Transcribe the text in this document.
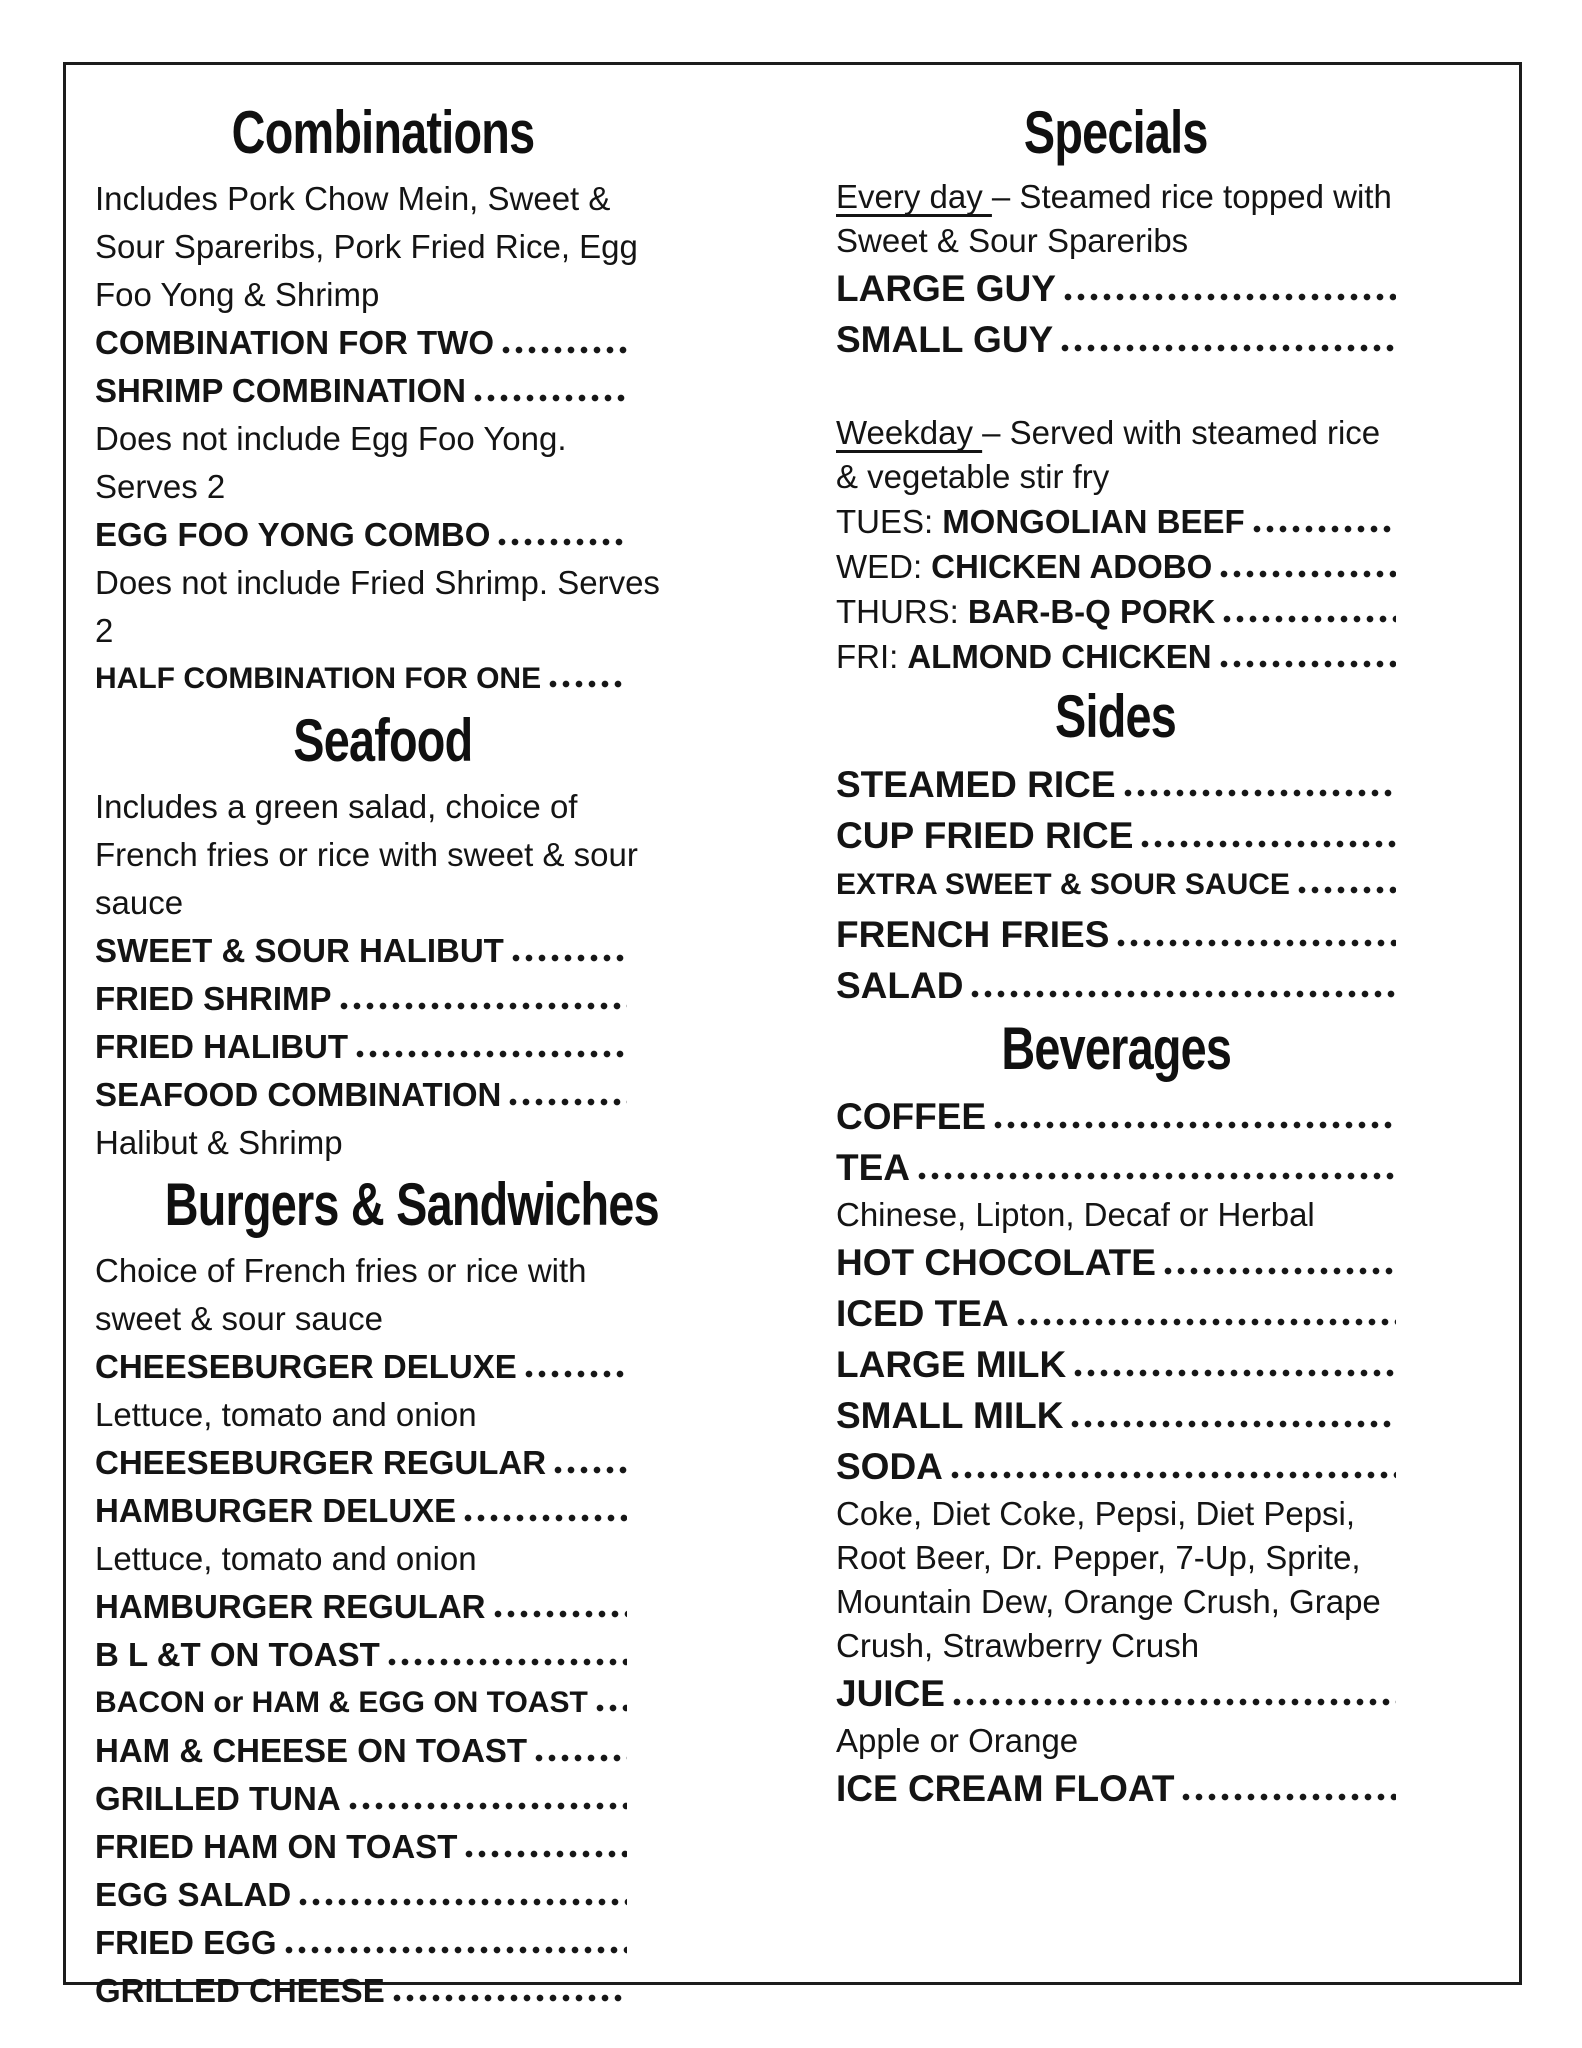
Combinations
Includes Pork Chow Mein, Sweet & Sour Spareribs, Pork Fried Rice, Egg Foo Yong & Shrimp
COMBINATION FOR TWO
SHRIMP COMBINATION
Does not include Egg Foo Yong. Serves 2
EGG FOO YONG COMBO
Does not include Fried Shrimp. Serves 2
HALF COMBINATION FOR ONE
Seafood
Includes a green salad, choice of French fries or rice with sweet & sour sauce
SWEET & SOUR HALIBUT
FRIED SHRIMP
FRIED HALIBUT
SEAFOOD COMBINATION
Halibut & Shrimp
Burgers & Sandwiches
Choice of French fries or rice with sweet & sour sauce
CHEESEBURGER DELUXE
Lettuce, tomato and onion
CHEESEBURGER REGULAR
HAMBURGER DELUXE
Lettuce, tomato and onion
HAMBURGER REGULAR
B L &T ON TOAST
BACON or HAM & EGG ON TOAST
HAM & CHEESE ON TOAST
GRILLED TUNA
FRIED HAM ON TOAST
EGG SALAD
FRIED EGG
GRILLED CHEESE
Specials
Every day – Steamed rice topped with Sweet & Sour Spareribs
LARGE GUY
SMALL GUY
Weekday – Served with steamed rice & vegetable stir fry
TUES: MONGOLIAN BEEF
WED: CHICKEN ADOBO
THURS: BAR-B-Q PORK
FRI: ALMOND CHICKEN
Sides
STEAMED RICE
CUP FRIED RICE
EXTRA SWEET & SOUR SAUCE
FRENCH FRIES
SALAD
Beverages
COFFEE
TEA
Chinese, Lipton, Decaf or Herbal
HOT CHOCOLATE
ICED TEA
LARGE MILK
SMALL MILK
SODA
Coke, Diet Coke, Pepsi, Diet Pepsi, Root Beer, Dr. Pepper, 7-Up, Sprite, Mountain Dew, Orange Crush, Grape Crush, Strawberry Crush
JUICE
Apple or Orange
ICE CREAM FLOAT
